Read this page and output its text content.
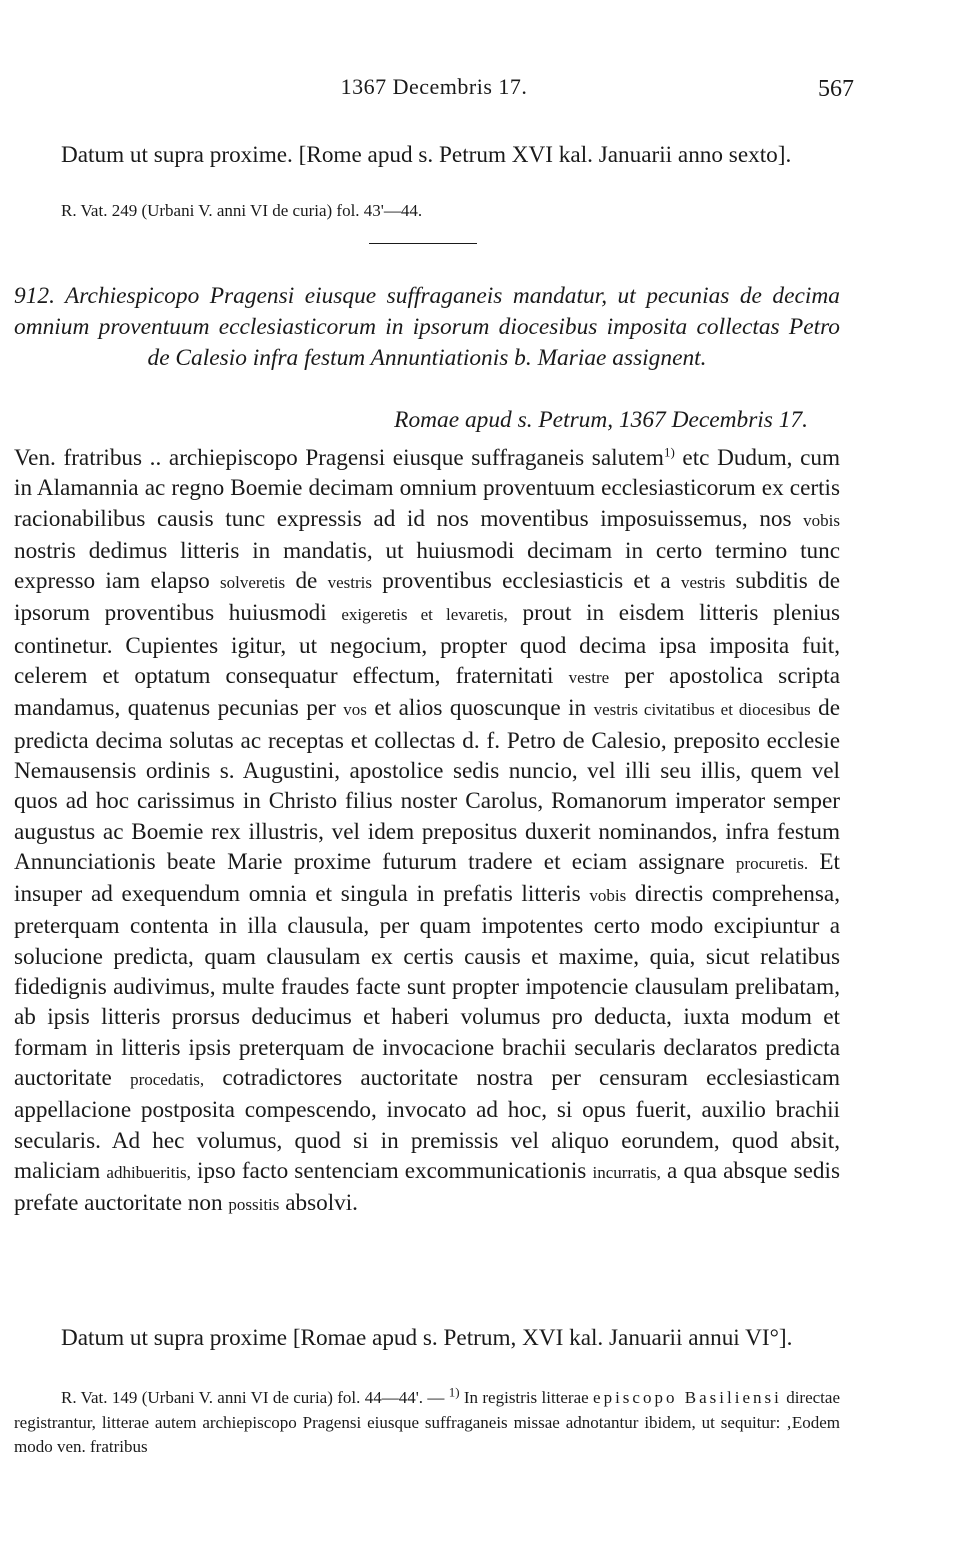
1367 Decembris 17.	567
Datum ut supra proxime. [Rome apud s. Petrum XVI kal. Januarii anno sexto].
R. Vat. 249 (Urbani V. anni VI de curia) fol. 43'—44.
912. Archiespicopo Pragensi eiusque suffraganeis mandatur, ut pecunias de decima omnium proventuum ecclesiasticorum in ipsorum diocesibus imposita collectas Petro de Calesio infra festum Annuntiationis b. Mariae assignent.
Romae apud s. Petrum, 1367 Decembris 17.
Ven. fratribus .. archiepiscopo Pragensi eiusque suffraganeis salutem$^{1)}$ etc Dudum, cum in Alamannia ac regno Boemie decimam omnium proventuum ecclesiasticorum ex certis racionabilibus causis tunc expressis ad id nos moventibus imposuissemus, nos vobis nostris dedimus litteris in mandatis, ut huiusmodi decimam in certo termino tunc expresso iam elapso solveretis de vestris proventibus ecclesiasticis et a vestris subditis de ipsorum proventibus huiusmodi exigeretis et levaretis, prout in eisdem litteris plenius continetur. Cupientes igitur, ut negocium, propter quod decima ipsa imposita fuit, celerem et optatum consequatur effectum, fraternitati vestre per apostolica scripta mandamus, quatenus pecunias per vos et alios quoscunque in vestris civitatibus et diocesibus de predicta decima solutas ac receptas et collectas d. f. Petro de Calesio, preposito ecclesie Nemausensis ordinis s. Augustini, apostolice sedis nuncio, vel illi seu illis, quem vel quos ad hoc carissimus in Christo filius noster Carolus, Romanorum imperator semper augustus ac Boemie rex illustris, vel idem prepositus duxerit nominandos, infra festum Annunciationis beate Marie proxime futurum tradere et eciam assignare procuretis. Et insuper ad exequendum omnia et singula in prefatis litteris vobis directis comprehensa, preterquam contenta in illa clausula, per quam impotentes certo modo excipiuntur a solucione predicta, quam clausulam ex certis causis et maxime, quia, sicut relatibus fidedignis audivimus, multe fraudes facte sunt propter impotencie clausulam prelibatam, ab ipsis litteris prorsus deducimus et haberi volumus pro deducta, iuxta modum et formam in litteris ipsis preterquam de invocacione brachii secularis declaratos predicta auctoritate procedatis, cotradictores auctoritate nostra per censuram ecclesiasticam appellacione postposita compescendo, invocato ad hoc, si opus fuerit, auxilio brachii secularis. Ad hec volumus, quod si in premissis vel aliquo eorundem, quod absit, maliciam adhibueritis, ipso facto sentenciam excommunicationis incurratis, a qua absque sedis prefate auctoritate non possitis absolvi.
Datum ut supra proxime [Romae apud s. Petrum, XVI kal. Januarii annui VI°].
R. Vat. 149 (Urbani V. anni VI de curia) fol. 44—44'. — $^{1)}$ In registris litterae episcopo Basiliensi directae registrantur, litterae autem archiepiscopo Pragensi eiusque suffraganeis missae adnotantur ibidem, ut sequitur: ‚Eodem modo ven. fratribus
